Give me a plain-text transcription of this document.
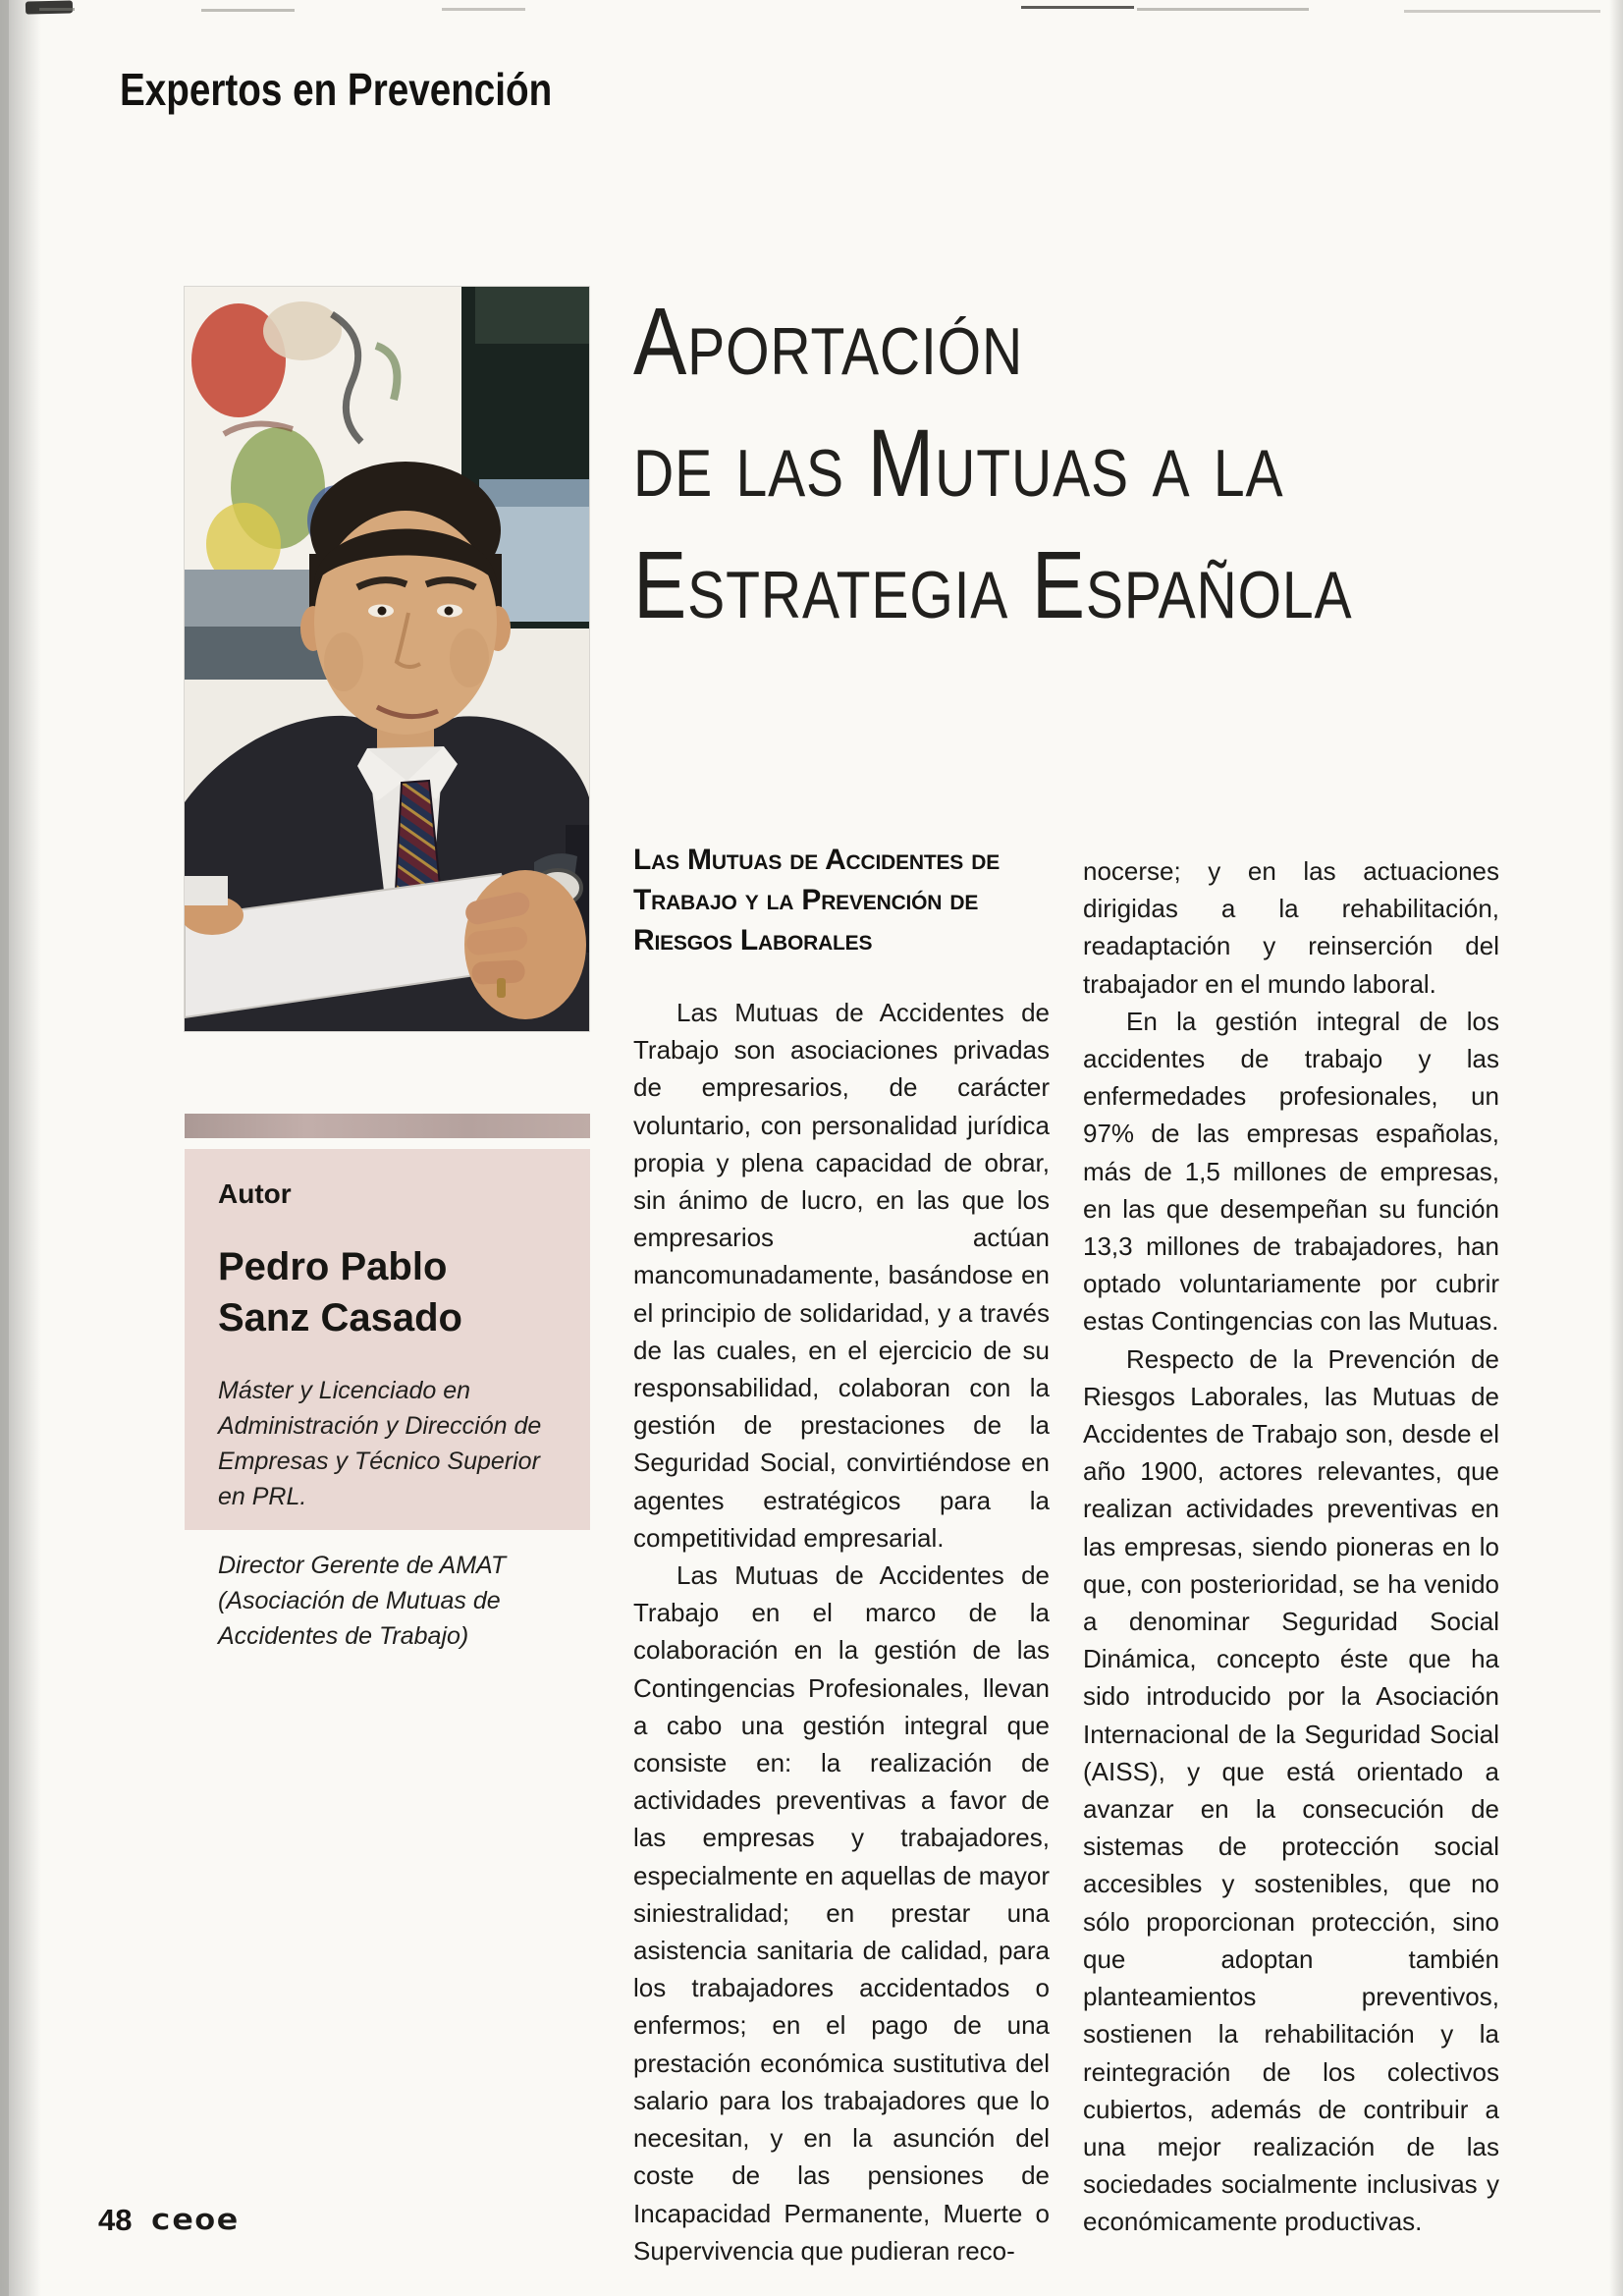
Expertos en Prevención
Aportación
de las Mutuas a la
Estrategia Española
Autor
Pedro Pablo
Sanz Casado

Máster y Licenciado en Administración y Dirección de Empresas y Técnico Superior en PRL.

Director Gerente de AMAT (Asociación de Mutuas de Accidentes de Trabajo)

Las Mutuas de Accidentes de
Trabajo y la Prevención de
Riesgos Laborales

Las Mutuas de Accidentes de Trabajo son asociaciones privadas de empresarios, de carácter voluntario, con personalidad jurídica propia y plena capacidad de obrar, sin ánimo de lucro, en las que los empresarios actúan mancomunadamente, basándose en el principio de solidaridad, y a través de las cuales, en el ejercicio de su responsabilidad, colaboran con la gestión de prestaciones de la Seguridad Social, convirtiéndose en agentes estratégicos para la competitividad empresarial.

Las Mutuas de Accidentes de Trabajo en el marco de la colaboración en la gestión de las Contingencias Profesionales, llevan a cabo una gestión integral que consiste en: la realización de actividades preventivas a favor de las empresas y trabajadores, especialmente en aquellas de mayor siniestralidad; en prestar una asistencia sanitaria de calidad, para los trabajadores accidentados o enfermos; en el pago de una prestación económica sustitutiva del salario para los trabajadores que lo necesitan, y en la asunción del coste de las pensiones de Incapacidad Permanente, Muerte o Supervivencia que pudieran reco-

nocerse; y en las actuaciones dirigidas a la rehabilitación, readaptación y reinserción del trabajador en el mundo laboral.

En la gestión integral de los accidentes de trabajo y las enfermedades profesionales, un 97% de las empresas españolas, más de 1,5 millones de empresas, en las que desempeñan su función 13,3 millones de trabajadores, han optado voluntariamente por cubrir estas Contingencias con las Mutuas.

Respecto de la Prevención de Riesgos Laborales, las Mutuas de Accidentes de Trabajo son, desde el año 1900, actores relevantes, que realizan actividades preventivas en las empresas, siendo pioneras en lo que, con posterioridad, se ha venido a denominar Seguridad Social Dinámica, concepto éste que ha sido introducido por la Asociación Internacional de la Seguridad Social (AISS), y que está orientado a avanzar en la consecución de sistemas de protección social accesibles y sostenibles, que no sólo proporcionan protección, sino que adoptan también planteamientos preventivos, sostienen la rehabilitación y la reintegración de los colectivos cubiertos, además de contribuir a una mejor realización de las sociedades socialmente inclusivas y económicamente productivas.

48 ceoe
